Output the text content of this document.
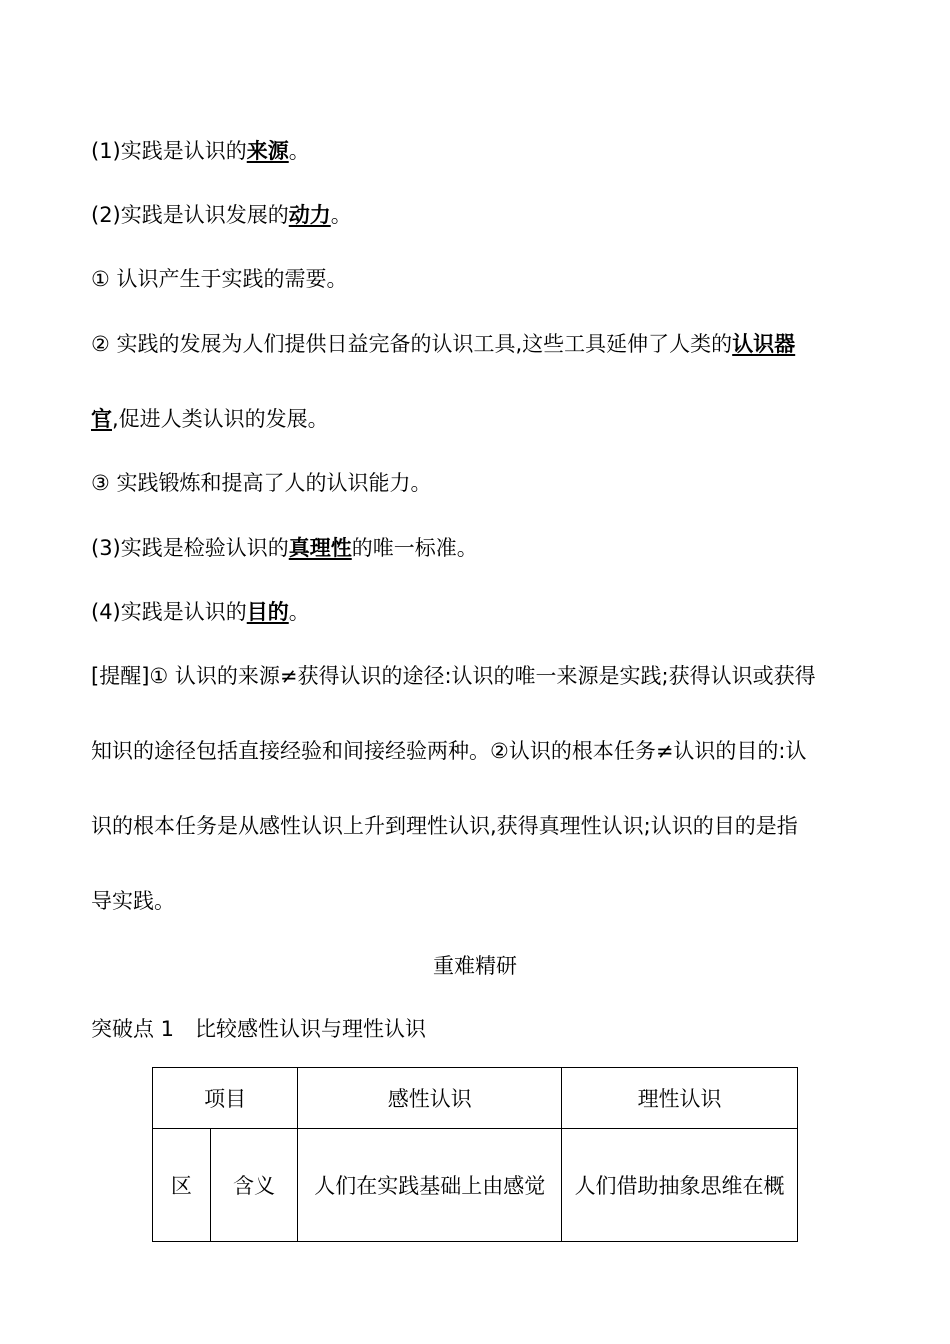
(1)实践是认识的来源。
(2)实践是认识发展的动力。
① 认识产生于实践的需要。
② 实践的发展为人们提供日益完备的认识工具,这些工具延伸了人类的认识器
官,促进人类认识的发展。
③ 实践锻炼和提高了人的认识能力。
(3)实践是检验认识的真理性的唯一标准。
(4)实践是认识的目的。
[提醒]① 认识的来源≠获得认识的途径:认识的唯一来源是实践;获得认识或获得
知识的途径包括直接经验和间接经验两种。②认识的根本任务≠认识的目的:认
识的根本任务是从感性认识上升到理性认识,获得真理性认识;认识的目的是指
导实践。
重难精研
突破点 1　比较感性认识与理性认识
项目		感性认识	理性认识
区	含义	人们在实践基础上由感觉	人们借助抽象思维在概
